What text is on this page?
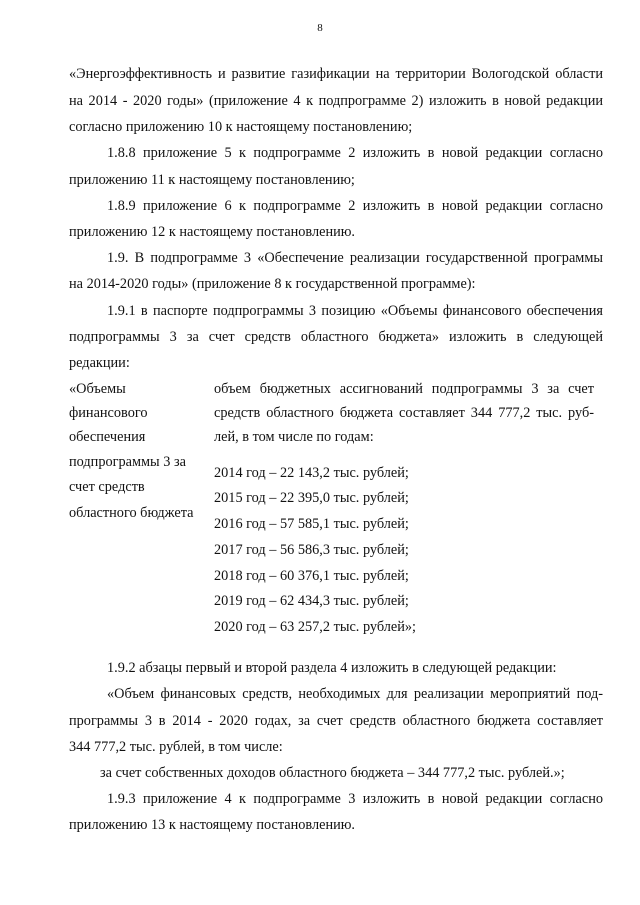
8
«Энергоэффективность и развитие газификации на территории Вологодской области
на 2014 - 2020 годы» (приложение 4 к подпрограмме 2) изложить в новой редакции
согласно приложению 10 к настоящему постановлению;
1.8.8 приложение 5 к подпрограмме 2 изложить в новой редакции согласно
приложению 11 к настоящему постановлению;
1.8.9 приложение 6 к подпрограмме 2 изложить в новой редакции согласно
приложению 12 к настоящему постановлению.
1.9. В подпрограмме 3 «Обеспечение реализации государственной программы
на 2014-2020 годы» (приложение 8 к государственной программе):
1.9.1 в паспорте подпрограммы 3 позицию «Объемы финансового обеспечения
подпрограммы 3 за счет средств областного бюджета» изложить в следующей
редакции:
«Объемы
финансового
обеспечения
подпрограммы 3 за
счет средств
областного бюджета
объем бюджетных ассигнований подпрограммы 3 за счет
средств областного бюджета составляет 344 777,2 тыс. руб-
лей, в том числе по годам:
2014 год – 22 143,2 тыс. рублей;
2015 год – 22 395,0 тыс. рублей;
2016 год – 57 585,1 тыс. рублей;
2017 год – 56 586,3 тыс. рублей;
2018 год – 60 376,1 тыс. рублей;
2019 год – 62 434,3 тыс. рублей;
2020 год – 63 257,2 тыс. рублей»;
1.9.2 абзацы первый и второй раздела 4 изложить в следующей редакции:
«Объем финансовых средств, необходимых для реализации мероприятий под-
программы 3 в 2014 - 2020 годах, за счет средств областного бюджета составляет
344 777,2 тыс. рублей, в том числе:
за счет собственных доходов областного бюджета – 344 777,2 тыс. рублей.»;
1.9.3 приложение 4 к подпрограмме 3 изложить в новой редакции согласно
приложению 13 к настоящему постановлению.
